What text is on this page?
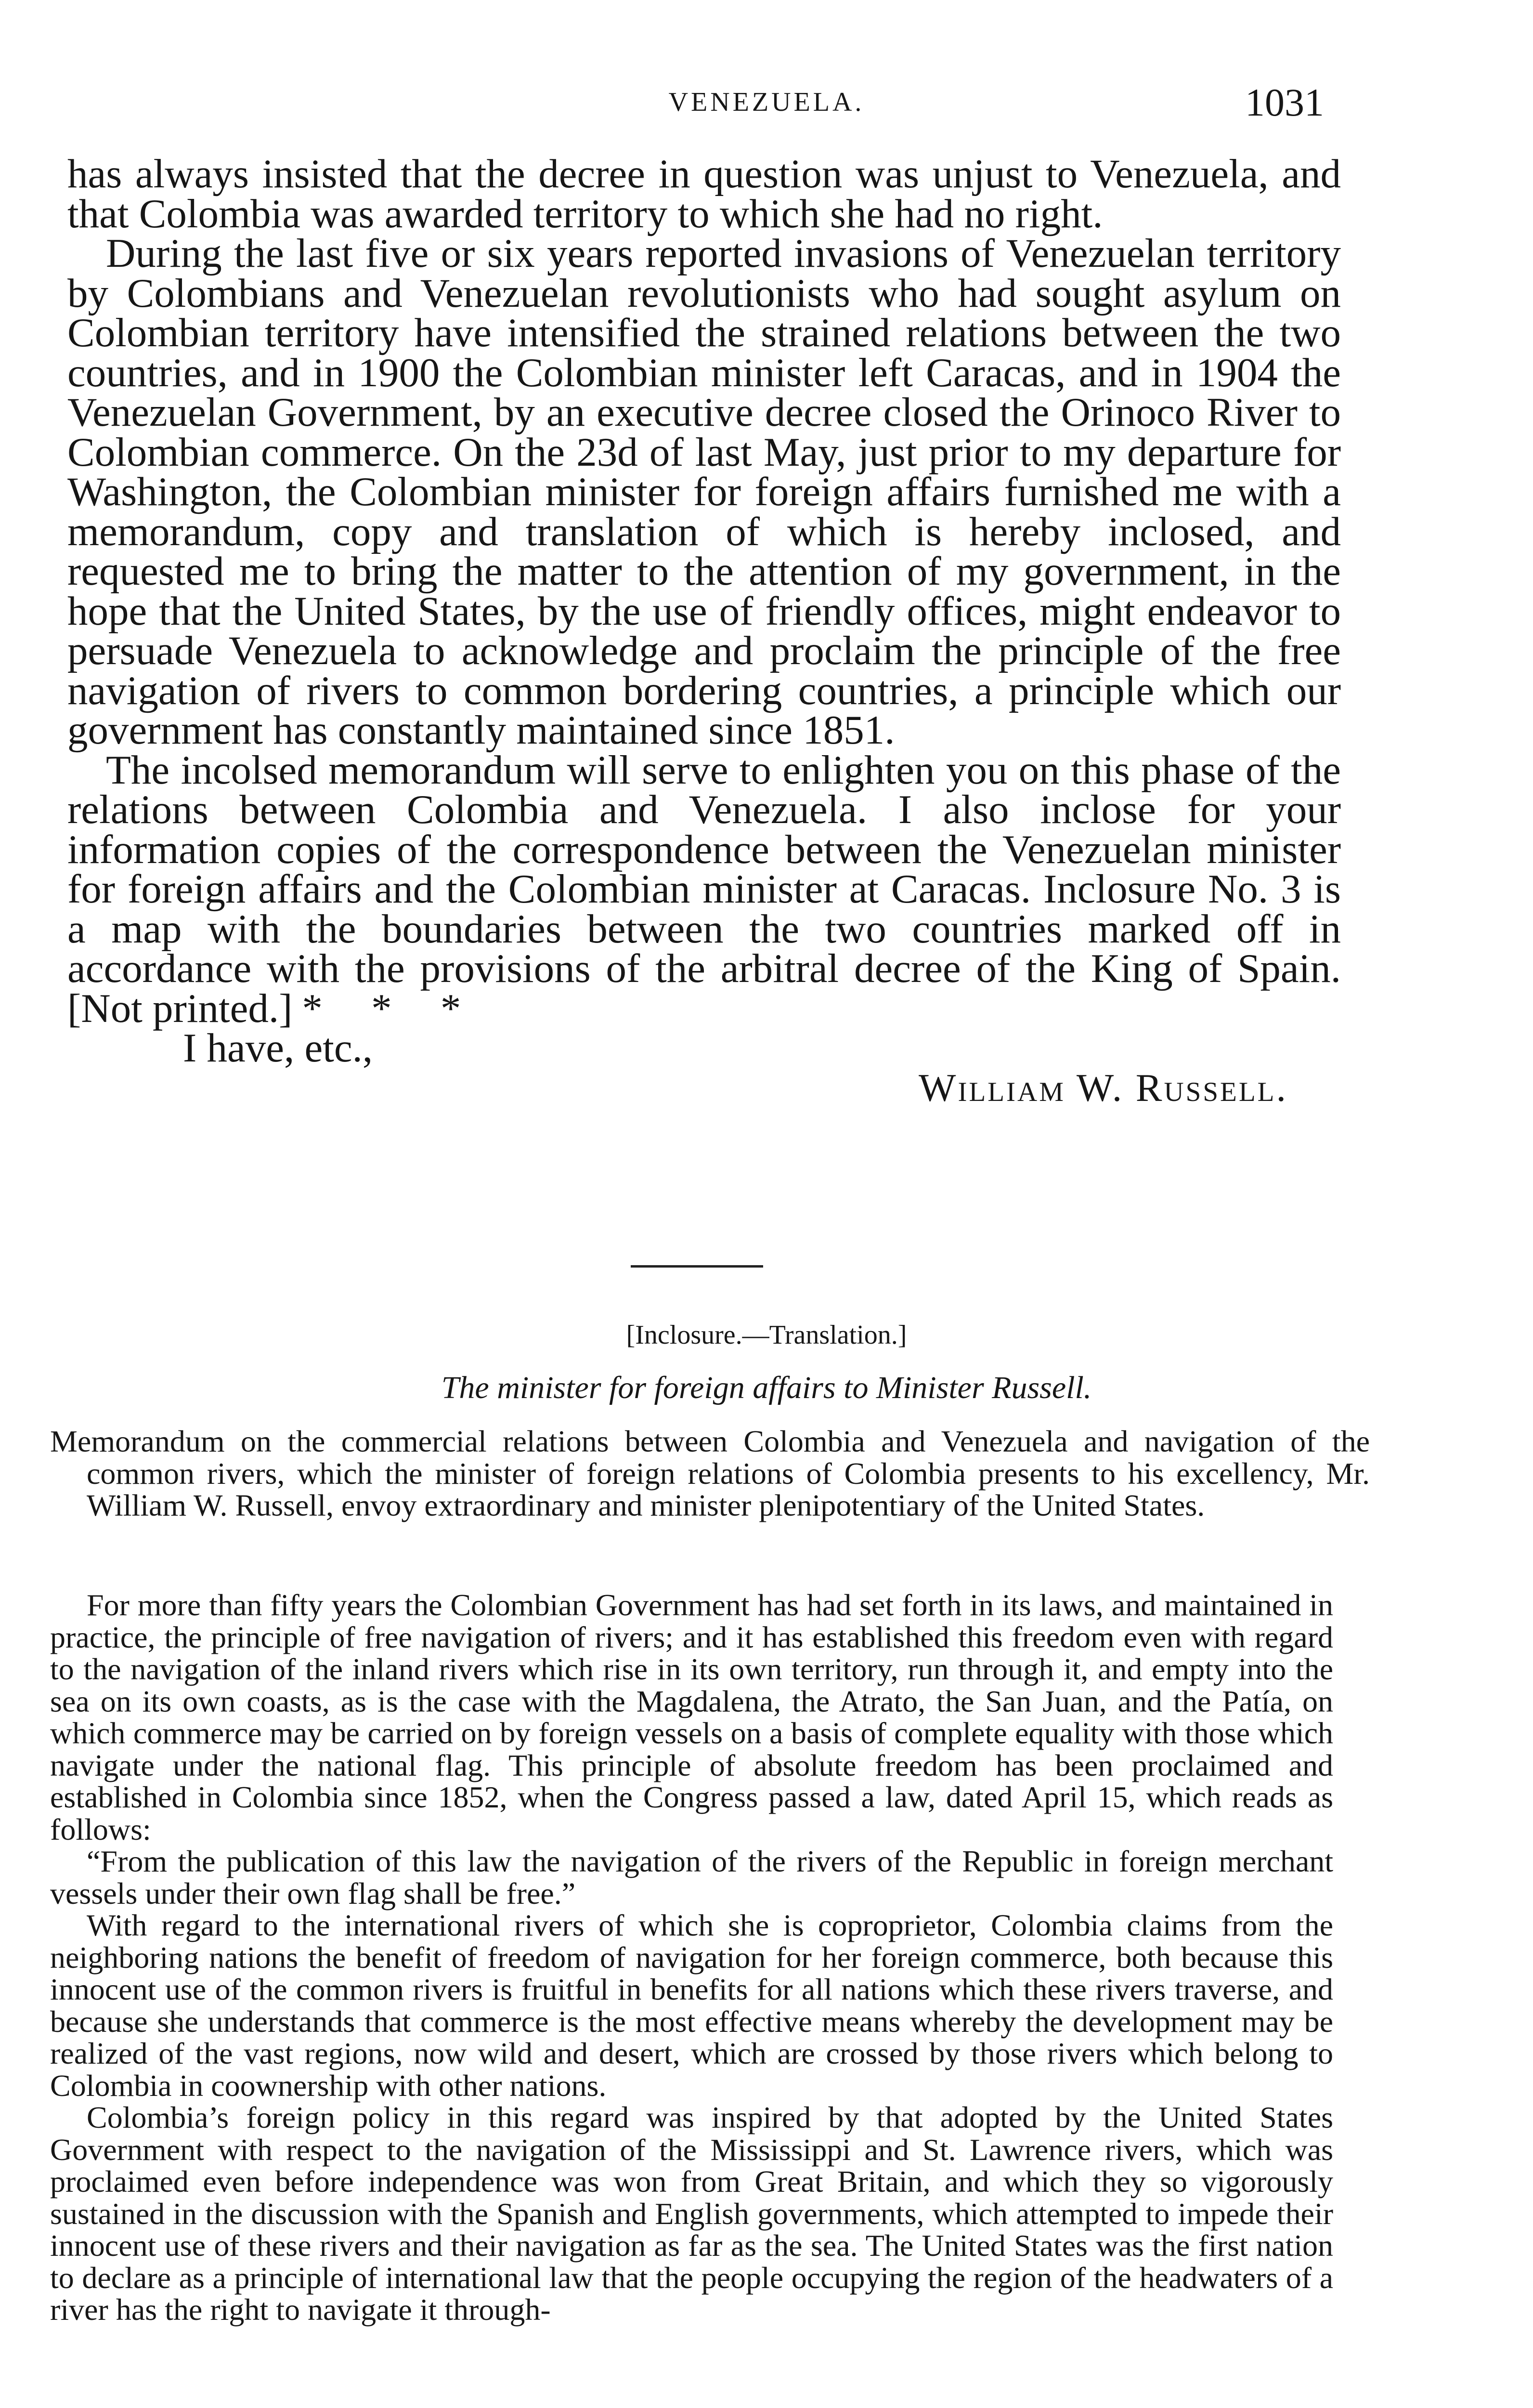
VENEZUELA.	1031

has always insisted that the decree in question was unjust to Venezuela, and that Colombia was awarded territory to which she had no right.

During the last five or six years reported invasions of Venezuelan territory by Colombians and Venezuelan revolutionists who had sought asylum on Colombian territory have intensified the strained relations between the two countries, and in 1900 the Colombian minister left Caracas, and in 1904 the Venezuelan Government, by an executive decree closed the Orinoco River to Colombian commerce. On the 23d of last May, just prior to my departure for Washington, the Colombian minister for foreign affairs furnished me with a memorandum, copy and translation of which is hereby inclosed, and requested me to bring the matter to the attention of my government, in the hope that the United States, by the use of friendly offices, might endeavor to persuade Venezuela to acknowledge and proclaim the principle of the free navigation of rivers to common bordering countries, a principle which our government has constantly maintained since 1851.

The incolsed memorandum will serve to enlighten you on this phase of the relations between Colombia and Venezuela. I also inclose for your information copies of the correspondence between the Venezuelan minister for foreign affairs and the Colombian minister at Caracas. Inclosure No. 3 is a map with the boundaries between the two countries marked off in accordance with the provisions of the arbitral decree of the King of Spain. [Not printed.] * * *

I have, etc.,

William W. Russell.

[Inclosure.—Translation.]
The minister for foreign affairs to Minister Russell.
Memorandum on the commercial relations between Colombia and Venezuela and navigation of the common rivers, which the minister of foreign relations of Colombia presents to his excellency, Mr. William W. Russell, envoy extraordinary and minister plenipotentiary of the United States.

For more than fifty years the Colombian Government has had set forth in its laws, and maintained in practice, the principle of free navigation of rivers; and it has established this freedom even with regard to the navigation of the inland rivers which rise in its own territory, run through it, and empty into the sea on its own coasts, as is the case with the Magdalena, the Atrato, the San Juan, and the Patía, on which commerce may be carried on by foreign vessels on a basis of complete equality with those which navigate under the national flag. This principle of absolute freedom has been proclaimed and established in Colombia since 1852, when the Congress passed a law, dated April 15, which reads as follows:

“From the publication of this law the navigation of the rivers of the Republic in foreign merchant vessels under their own flag shall be free.”

With regard to the international rivers of which she is coproprietor, Colombia claims from the neighboring nations the benefit of freedom of navigation for her foreign commerce, both because this innocent use of the common rivers is fruitful in benefits for all nations which these rivers traverse, and because she understands that commerce is the most effective means whereby the development may be realized of the vast regions, now wild and desert, which are crossed by those rivers which belong to Colombia in coownership with other nations.

Colombia’s foreign policy in this regard was inspired by that adopted by the United States Government with respect to the navigation of the Mississippi and St. Lawrence rivers, which was proclaimed even before independence was won from Great Britain, and which they so vigorously sustained in the discussion with the Spanish and English governments, which attempted to impede their innocent use of these rivers and their navigation as far as the sea. The United States was the first nation to declare as a principle of international law that the people occupying the region of the headwaters of a river has the right to navigate it through-
